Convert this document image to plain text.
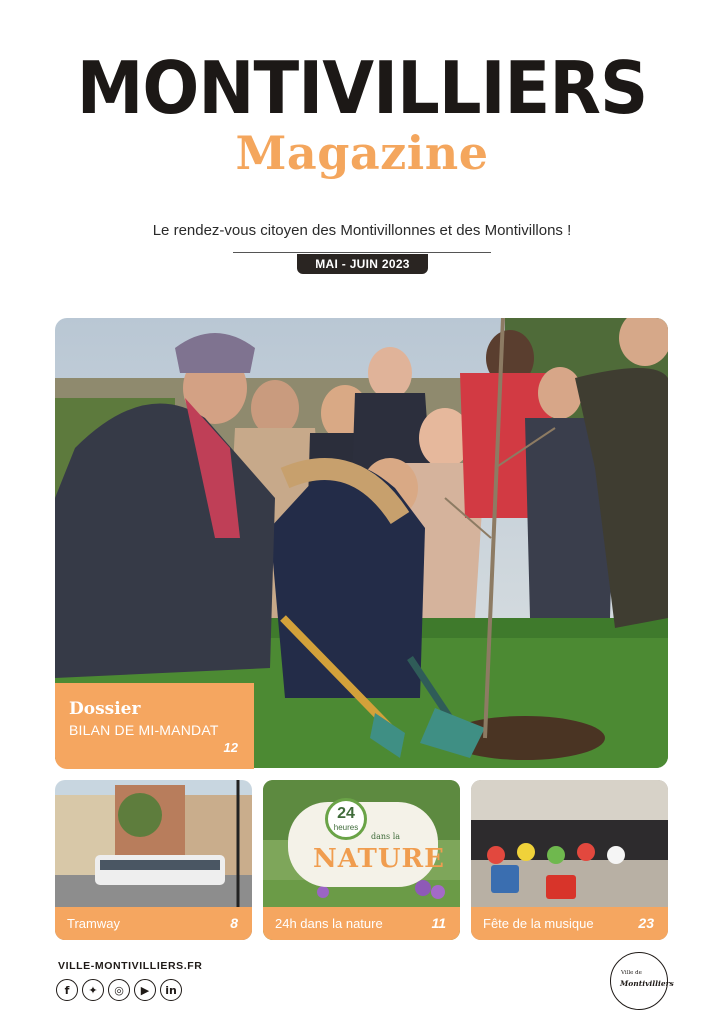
MONTIVILLIERS
Magazine
Le rendez-vous citoyen des Montivillonnes et des Montivillons !
MAI - JUIN 2023
Dossier
BILAN DE MI-MANDAT
12
Tramway	8
24
heures
dans la
NATURE
24h dans la nature	11	Fête de la musique	23
VILLE-MONTIVILLIERS.FR
f	✦	◎	▶	in
Ville de
Montivilliers
